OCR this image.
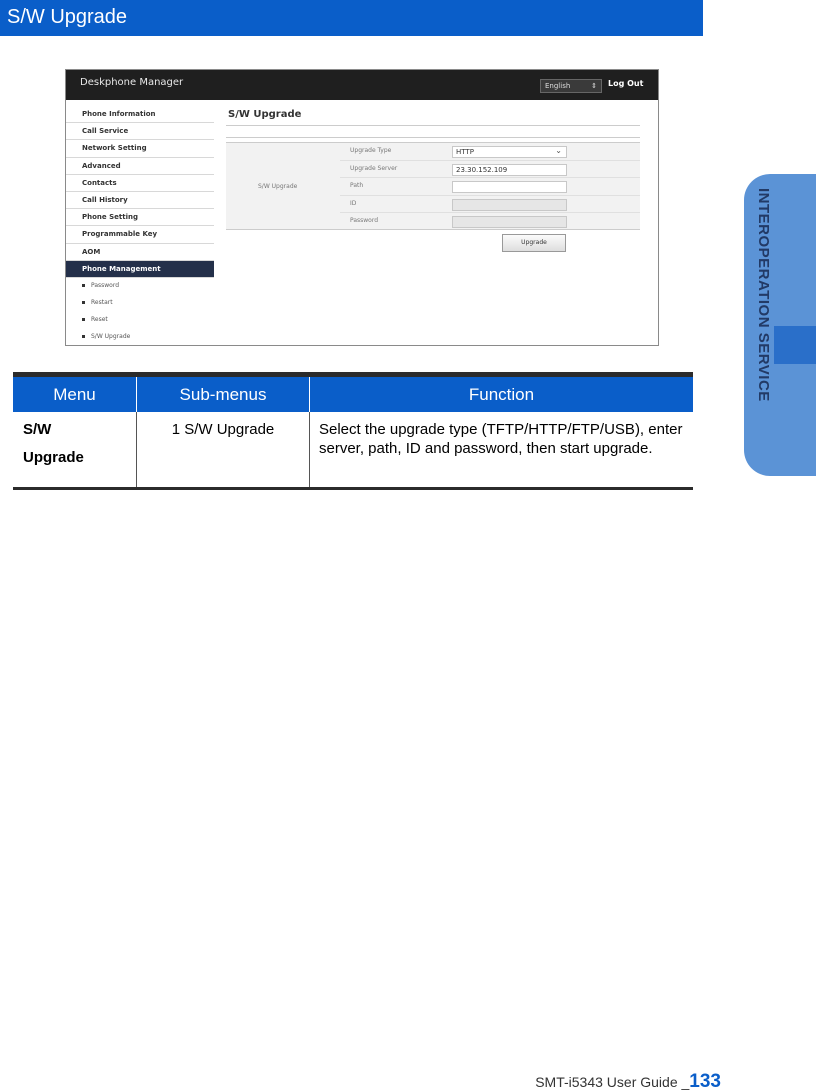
S/W Upgrade
INTEROPERATION SERVICE
Deskphone Manager	English	⇕ Log Out
Phone Information
Call Service
Network Setting
Advanced
Contacts
Call History
Phone Setting
Programmable Key
AOM
Phone Management
Password
Restart
Reset
S/W Upgrade
S/W Upgrade
S/W Upgrade
Upgrade Type	HTTP	⌄
Upgrade Server	23.30.152.109
Path
ID
Password
Upgrade
Menu	Sub-menus	Function
S/W
Upgrade
1 S/W Upgrade	Select the upgrade type (TFTP/HTTP/FTP/USB), enter server, path, ID and password, then start upgrade.
SMT-i5343 User Guide _133
